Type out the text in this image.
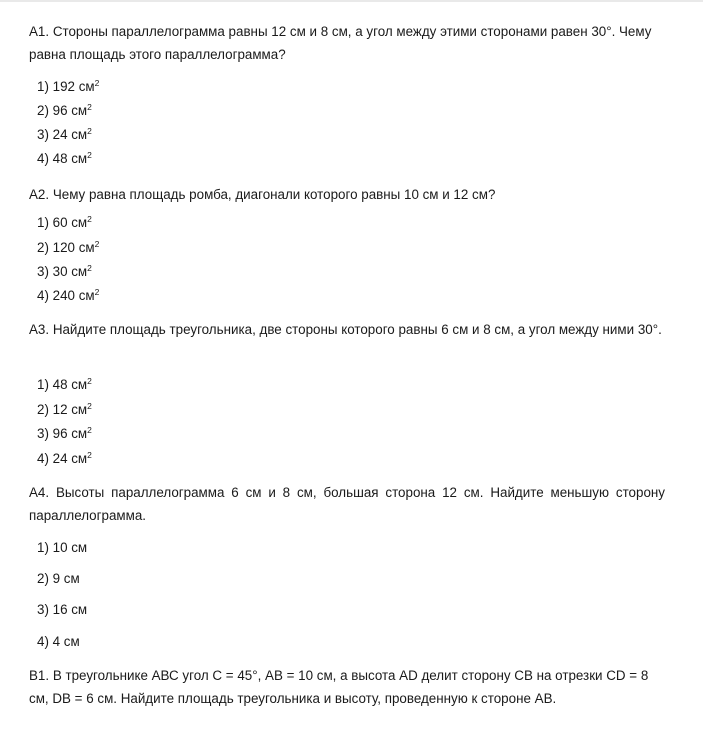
А1. Стороны параллелограмма равны 12 см и 8 см, а угол между этими сторонами равен 30°. Чему равна площадь этого параллелограмма?
1) 192 $см^2$
2) 96 $см^2$
3) 24 $см^2$
4) 48 $см^2$
А2. Чему равна площадь ромба, диагонали которого равны 10 см и 12 см?
1) 60 $см^2$
2) 120 $см^2$
3) 30 $см^2$
4) 240 $см^2$
А3. Найдите площадь треугольника, две стороны которого равны 6 см и 8 см, а угол между ними 30°.
1) 48 $см^2$
2) 12 $см^2$
3) 96 $см^2$
4) 24 $см^2$
А4. Высоты параллелограмма 6 см и 8 см, большая сторона 12 см. Найдите меньшую сторону параллелограмма.
1) 10 см
2) 9 см
3) 16 см
4) 4 см
В1. В треугольнике АВС угол С = 45°, АВ = 10 см, а высота AD делит сторону СВ на отрезки CD = 8 см, DB = 6 см. Найдите площадь треугольника и высоту, проведенную к стороне АВ.
